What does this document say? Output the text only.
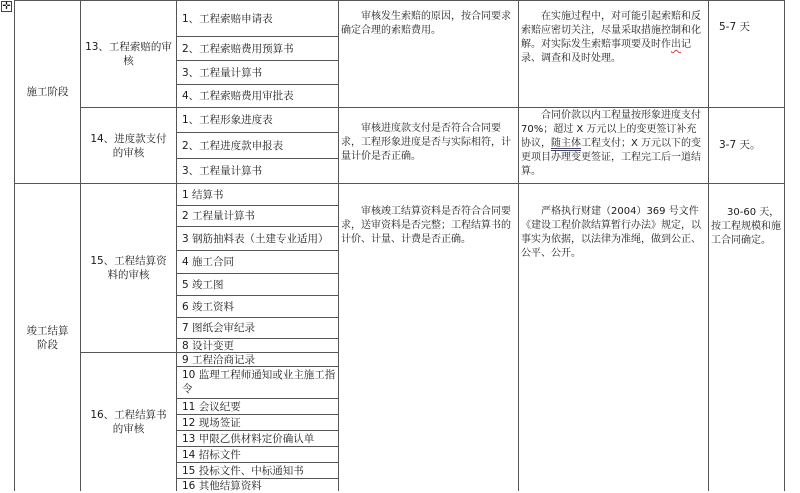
✛
施工阶段
竣工结算
阶段
13、工程索赔的审
核
14、进度款支付
的审核
15、工程结算资
料的审核
16、工程结算书
的审核
1、工程索赔申请表
2、工程索赔费用预算书
3、工程量计算书
4、工程索赔费用审批表
1、工程形象进度表
2、工程进度款申报表
3、工程量计算书
1 结算书
2 工程量计算书
3 钢筋抽料表（土建专业适用）
4 施工合同
5 竣工图
6 竣工资料
7 图纸会审纪录
8 设计变更
9 工程洽商记录
10 监理工程师通知或业主施工指令
11 会议纪要
12 现场签证
13 甲限乙供材料定价确认单
14 招标文件
15 投标文件、中标通知书
16 其他结算资料
审核发生索赔的原因，按合同要求确定合理的索赔费用。
审核进度款支付是否符合合同要求，工程形象进度是否与实际相符，计量计价是否正确。
审核竣工结算资料是否符合合同要求，送审资料是否完整；工程结算书的计价、计量、计费是否正确。
在实施过程中，对可能引起索赔和反索赔应密切关注，尽量采取措施控制和化解。对实际发生索赔事项要及时作出记录、调查和及时处理。
合同价款以内工程量按形象进度支付 70%；超过 X 万元以上的变更签订补充协议，随主体工程支付；X 万元以下的变更项目办理变更签证，工程完工后一道结算。
严格执行财建（2004）369 号文件《建设工程价款结算暂行办法》规定，以事实为依据，以法律为准绳，做到公正、公平、公开。
5-7 天
3-7 天。
30-60 天，按工程规模和施工合同确定。
